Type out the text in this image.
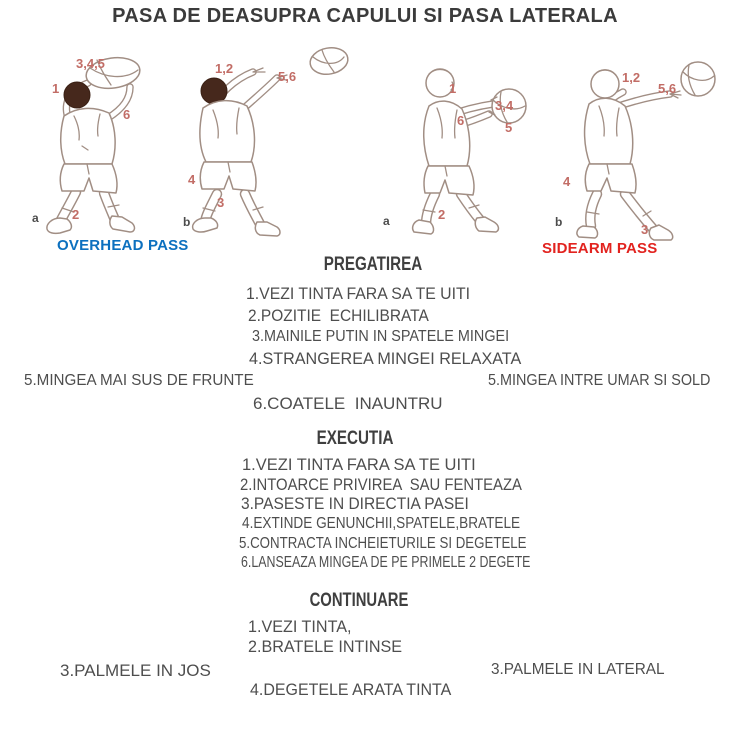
PASA DE DEASUPRA CAPULUI SI PASA LATERALA
3,4,5
1
6
2
a
1,2
5,6
4
3
b
1
6
3,4
5
2
a
1,2
5,6
4
3
b
OVERHEAD PASS	SIDEARM PASS
PREGATIREA
1.VEZI TINTA FARA SA TE UITI
2.POZITIE  ECHILIBRATA
3.MAINILE PUTIN IN SPATELE MINGEI
4.STRANGEREA MINGEI RELAXATA
5.MINGEA MAI SUS DE FRUNTE	5.MINGEA INTRE UMAR SI SOLD
6.COATELE  INAUNTRU
EXECUTIA
1.VEZI TINTA FARA SA TE UITI
2.INTOARCE PRIVIREA  SAU FENTEAZA
3.PASESTE IN DIRECTIA PASEI
4.EXTINDE GENUNCHII,SPATELE,BRATELE
5.CONTRACTA INCHEIETURILE SI DEGETELE
6.LANSEAZA MINGEA DE PE PRIMELE 2 DEGETE
CONTINUARE
1.VEZI TINTA,
2.BRATELE INTINSE
3.PALMELE IN JOS	3.PALMELE IN LATERAL
4.DEGETELE ARATA TINTA
